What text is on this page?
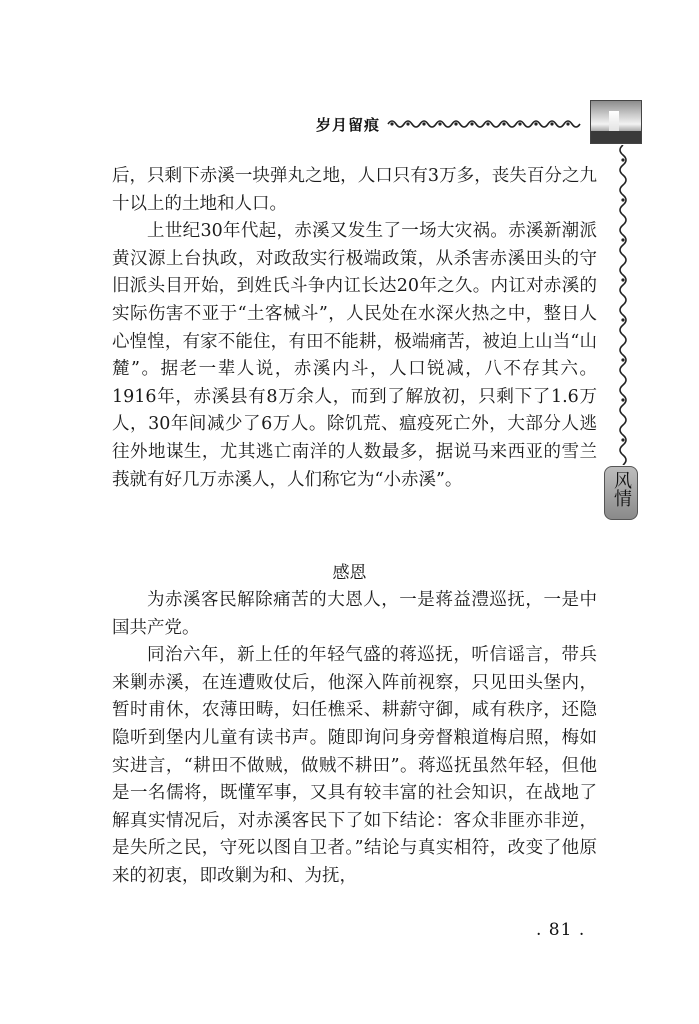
岁月留痕
风情

后，只剩下赤溪一块弹丸之地，人口只有3万多，丧失百分之九十以上的土地和人口。

上世纪30年代起，赤溪又发生了一场大灾祸。赤溪新潮派黄汉源上台执政，对政敌实行极端政策，从杀害赤溪田头的守旧派头目开始，到姓氏斗争内讧长达20年之久。内讧对赤溪的实际伤害不亚于“土客械斗”，人民处在水深火热之中，整日人心惶惶，有家不能住，有田不能耕，极端痛苦，被迫上山当“山麓”。据老一辈人说，赤溪内斗，人口锐减，八不存其六。1916年，赤溪县有8万余人，而到了解放初，只剩下了1.6万人，30年间减少了6万人。除饥荒、瘟疫死亡外，大部分人逃往外地谋生，尤其逃亡南洋的人数最多，据说马来西亚的雪兰莪就有好几万赤溪人，人们称它为“小赤溪”。

感恩

为赤溪客民解除痛苦的大恩人，一是蒋益澧巡抚，一是中国共产党。

同治六年，新上任的年轻气盛的蒋巡抚，听信谣言，带兵来剿赤溪，在连遭败仗后，他深入阵前视察，只见田头堡内，暂时甫休，农薄田畴，妇任樵采、耕薪守御，咸有秩序，还隐隐听到堡内儿童有读书声。随即询问身旁督粮道梅启照，梅如实进言，“耕田不做贼，做贼不耕田”。蒋巡抚虽然年轻，但他是一名儒将，既懂军事，又具有较丰富的社会知识，在战地了解真实情况后，对赤溪客民下了如下结论：客众非匪亦非逆，是失所之民，守死以图自卫者。”结论与真实相符，改变了他原来的初衷，即改剿为和、为抚，

. 81 .
